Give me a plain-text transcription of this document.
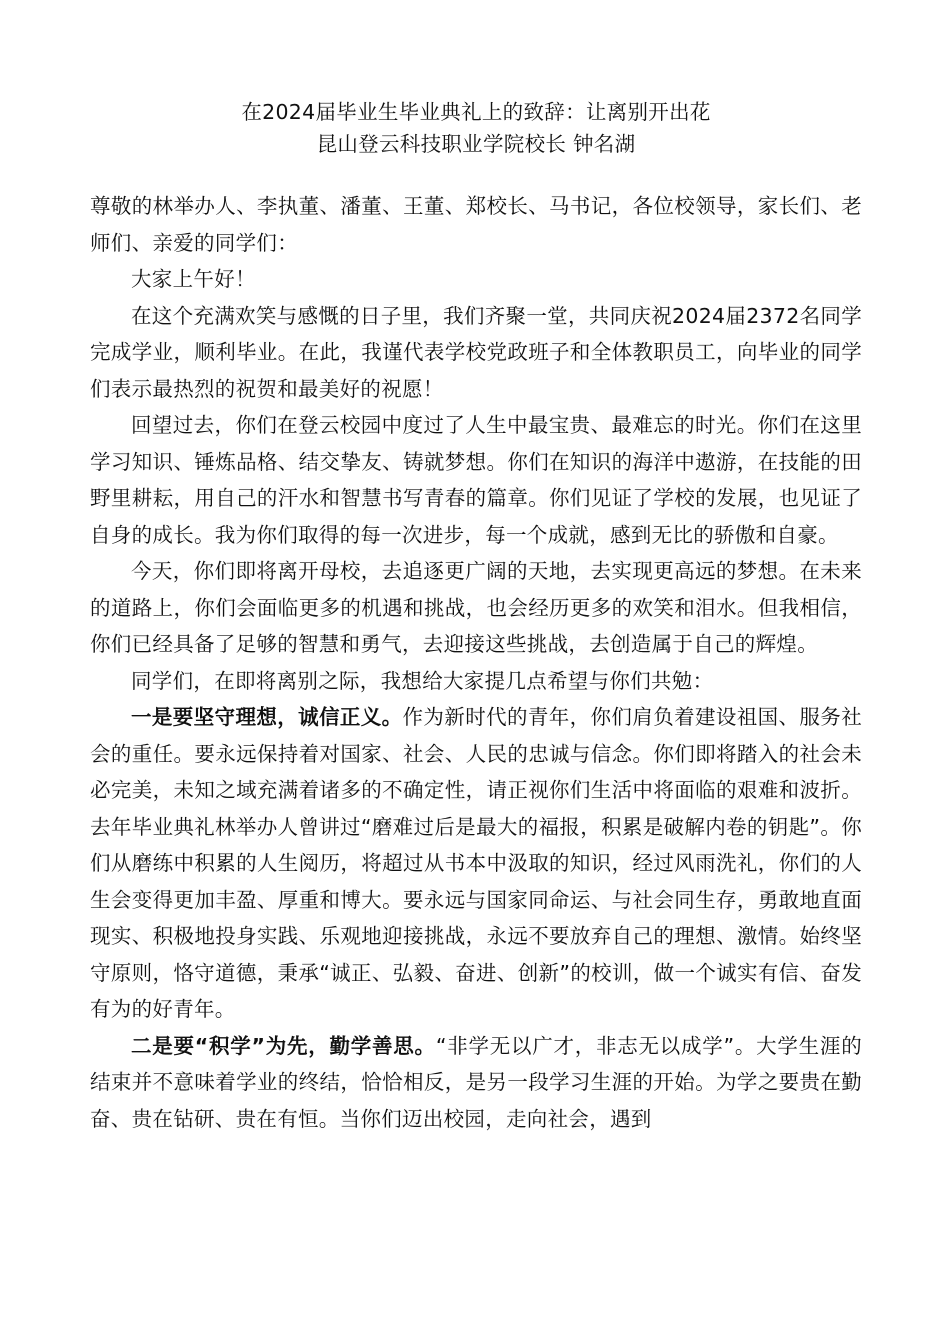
在2024届毕业生毕业典礼上的致辞：让离别开出花
昆山登云科技职业学院校长 钟名湖

尊敬的林举办人、李执董、潘董、王董、郑校长、马书记，各位校领导，家长们、老师们、亲爱的同学们：

大家上午好！

在这个充满欢笑与感慨的日子里，我们齐聚一堂，共同庆祝2024届2372名同学完成学业，顺利毕业。在此，我谨代表学校党政班子和全体教职员工，向毕业的同学们表示最热烈的祝贺和最美好的祝愿！

回望过去，你们在登云校园中度过了人生中最宝贵、最难忘的时光。你们在这里学习知识、锤炼品格、结交挚友、铸就梦想。你们在知识的海洋中遨游，在技能的田野里耕耘，用自己的汗水和智慧书写青春的篇章。你们见证了学校的发展，也见证了自身的成长。我为你们取得的每一次进步，每一个成就，感到无比的骄傲和自豪。

今天，你们即将离开母校，去追逐更广阔的天地，去实现更高远的梦想。在未来的道路上，你们会面临更多的机遇和挑战，也会经历更多的欢笑和泪水。但我相信，你们已经具备了足够的智慧和勇气，去迎接这些挑战，去创造属于自己的辉煌。

同学们，在即将离别之际，我想给大家提几点希望与你们共勉：

一是要坚守理想，诚信正义。作为新时代的青年，你们肩负着建设祖国、服务社会的重任。要永远保持着对国家、社会、人民的忠诚与信念。你们即将踏入的社会未必完美，未知之域充满着诸多的不确定性，请正视你们生活中将面临的艰难和波折。去年毕业典礼林举办人曾讲过“磨难过后是最大的福报，积累是破解内卷的钥匙”。你们从磨练中积累的人生阅历，将超过从书本中汲取的知识，经过风雨洗礼，你们的人生会变得更加丰盈、厚重和博大。要永远与国家同命运、与社会同生存，勇敢地直面现实、积极地投身实践、乐观地迎接挑战，永远不要放弃自己的理想、激情。始终坚守原则，恪守道德，秉承“诚正、弘毅、奋进、创新”的校训，做一个诚实有信、奋发有为的好青年。

二是要“积学”为先，勤学善思。“非学无以广才，非志无以成学”。大学生涯的结束并不意味着学业的终结，恰恰相反，是另一段学习生涯的开始。为学之要贵在勤奋、贵在钻研、贵在有恒。当你们迈出校园，走向社会，遇到
